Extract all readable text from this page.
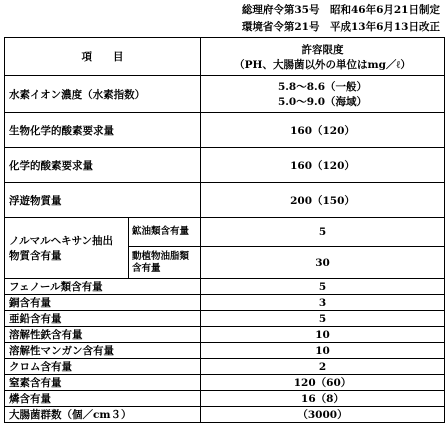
総理府令第35号　昭和46年6月21日制定
環境省令第21号　平成13年6月13日改正
項　　目		許容限度
（PH、大腸菌以外の単位はmg／ℓ）

水素イオン濃度（水素指数）		5.8～8.6（一般）
5.0～9.0（海域）

生物化学的酸素要求量		160（120）
化学的酸素要求量		160（120）
浮遊物質量		200（150）

ノルマルヘキサン抽出
物質含有量	鉱油類含有量	5
	動植物油脂類含有量	30
フェノール類含有量		5
銅含有量		3
亜鉛含有量		5
溶解性鉄含有量		10
溶解性マンガン含有量		10
クロム含有量		2
窒素含有量		120（60）
燐含有量		16（8）
大腸菌群数（個／cm３）		（3000）
